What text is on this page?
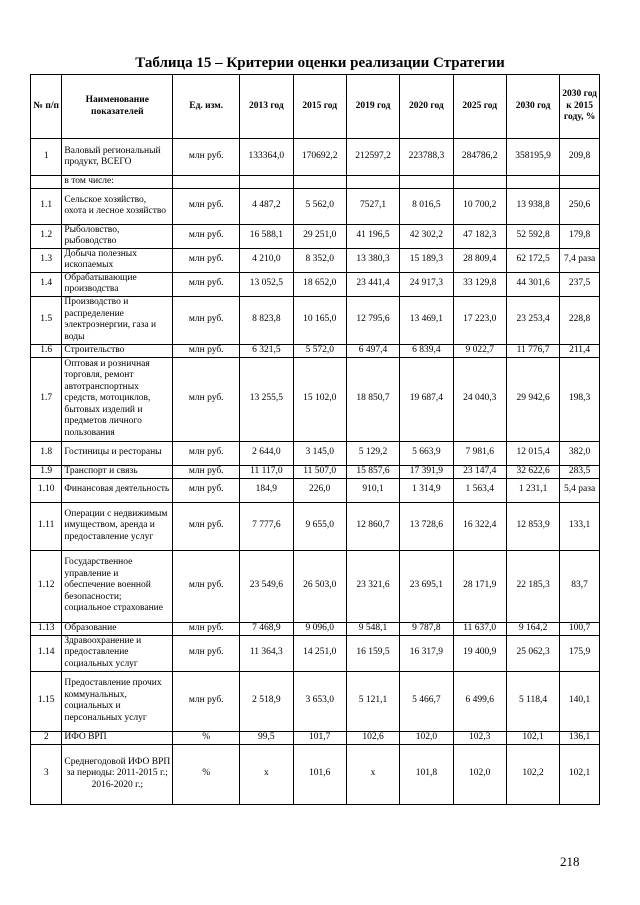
Таблица 15 – Критерии оценки реализации Стратегии
№ п/п	Наименование показателей	Ед. изм.	2013 год	2015 год	2019 год	2020 год	2025 год	2030 год	2030 год к 2015 году, %
1	Валовый региональный продукт, ВСЕГО	млн руб.	133364,0	170692,2	212597,2	223788,3	284786,2	358195,9	209,8
	в том числе:								
1.1	Сельское хозяйство, охота и лесное хозяйство	млн руб.	4 487,2	5 562,0	7527,1	8 016,5	10 700,2	13 938,8	250,6
1.2	Рыболовство, рыбоводство	млн руб.	16 588,1	29 251,0	41 196,5	42 302,2	47 182,3	52 592,8	179,8
1.3	Добыча полезных ископаемых	млн руб.	4 210,0	8 352,0	13 380,3	15 189,3	28 809,4	62 172,5	7,4 раза
1.4	Обрабатывающие производства	млн руб.	13 052,5	18 652,0	23 441,4	24 917,3	33 129,8	44 301,6	237,5
1.5	Производство и распределение электроэнергии, газа и воды	млн руб.	8 823,8	10 165,0	12 795,6	13 469,1	17 223,0	23 253,4	228,8
1.6	Строительство	млн руб.	6 321,5	5 572,0	6 497,4	6 839,4	9 022,7	11 776,7	211,4
1.7	Оптовая и розничная торговля, ремонт автотранспортных средств, мотоциклов, бытовых изделий и предметов личного пользования	млн руб.	13 255,5	15 102,0	18 850,7	19 687,4	24 040,3	29 942,6	198,3
1.8	Гостиницы и рестораны	млн руб.	2 644,0	3 145,0	5 129,2	5 663,9	7 981,6	12 015,4	382,0
1.9	Транспорт и связь	млн руб.	11 117,0	11 507,0	15 857,6	17 391,9	23 147,4	32 622,6	283,5
1.10	Финансовая деятельность	млн руб.	184,9	226,0	910,1	1 314,9	1 563,4	1 231,1	5,4 раза
1.11	Операции с недвижимым имуществом, аренда и предоставление услуг	млн руб.	7 777,6	9 655,0	12 860,7	13 728,6	16 322,4	12 853,9	133,1
1.12	Государственное управление и обеспечение военной безопасности; социальное страхование	млн руб.	23 549,6	26 503,0	23 321,6	23 695,1	28 171,9	22 185,3	83,7
1.13	Образование	млн руб.	7 468,9	9 096,0	9 548,1	9 787,8	11 637,0	9 164,2	100,7
1.14	Здравоохранение и предоставление социальных услуг	млн руб.	11 364,3	14 251,0	16 159,5	16 317,9	19 400,9	25 062,3	175,9
1.15	Предоставление прочих коммунальных, социальных и персональных услуг	млн руб.	2 518,9	3 653,0	5 121,1	5 466,7	6 499,6	5 118,4	140,1
2	ИФО ВРП	%	99,5	101,7	102,6	102,0	102,3	102,1	136,1
3	Среднегодовой ИФО ВРП за периоды: 2011-2015 г.; 2016-2020 г.;	%	х	101,6	х	101,8	102,0	102,2	102,1
218
